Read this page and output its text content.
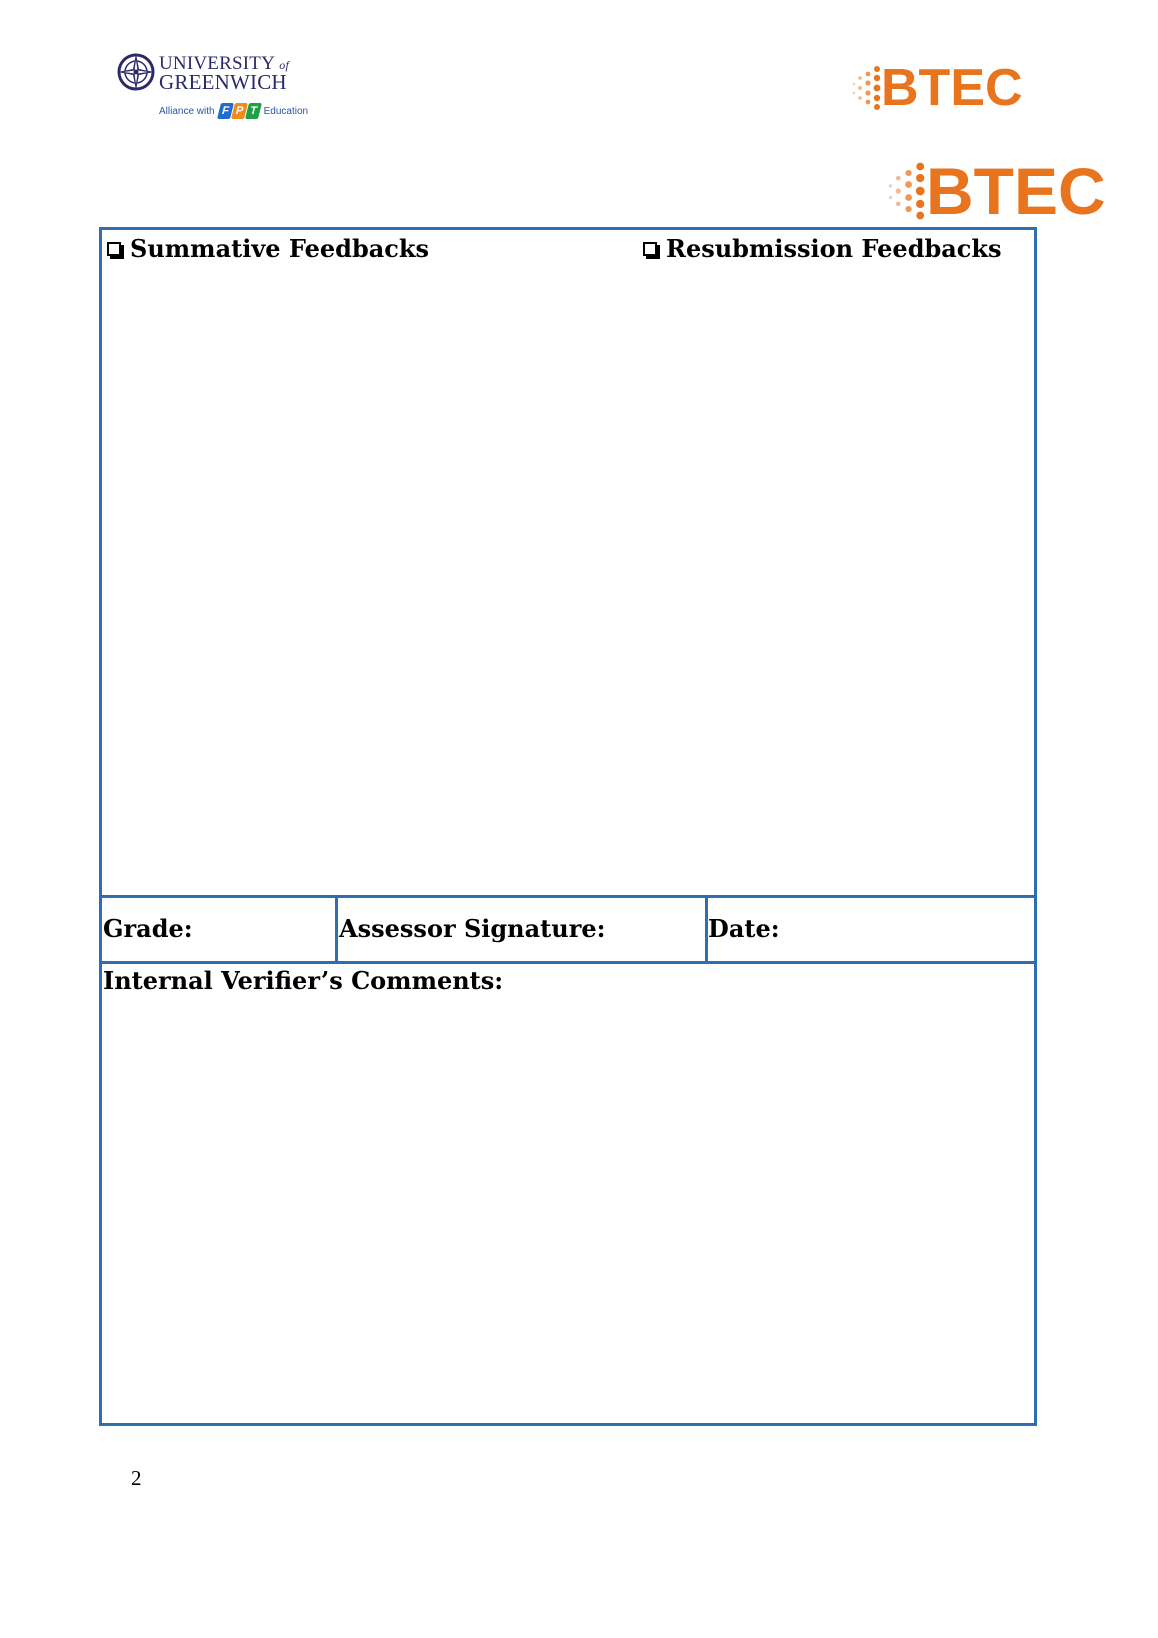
UNIVERSITY of
GREENWICH
Alliance with F P T Education	BTEC
BTEC
Summative Feedbacks	Resubmission Feedbacks
Grade:	Assessor Signature:	Date:
Internal Verifier’s Comments:
2
